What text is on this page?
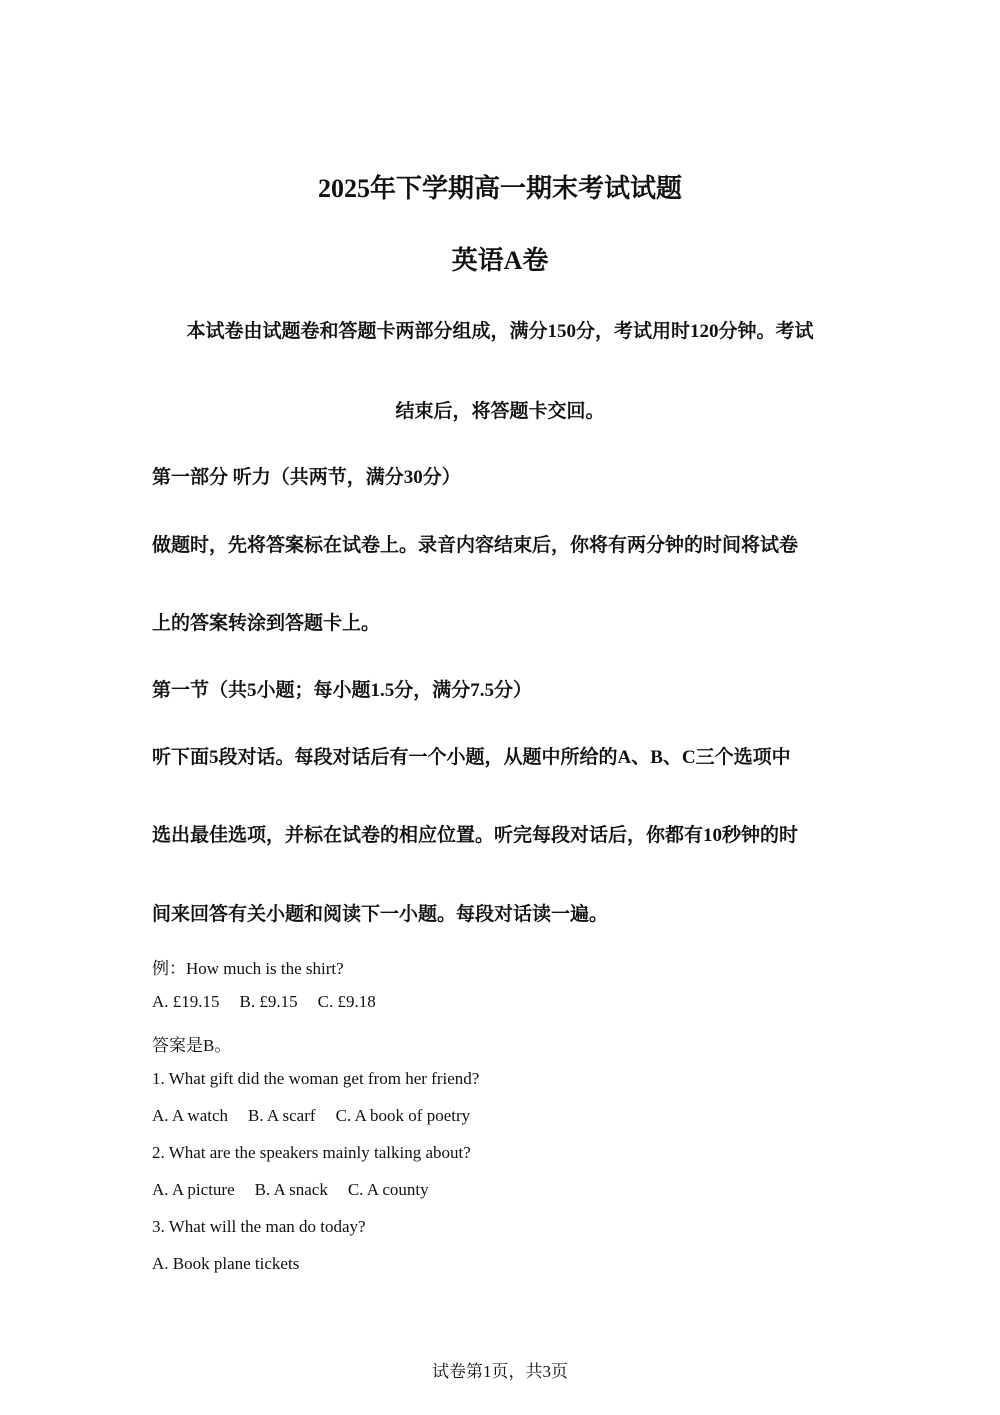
2025年下学期高一期末考试试题
英语A卷
本试卷由试题卷和答题卡两部分组成，满分150分，考试用时120分钟。考试
结束后，将答题卡交回。
第一部分 听力（共两节，满分30分）
做题时，先将答案标在试卷上。录音内容结束后，你将有两分钟的时间将试卷
上的答案转涂到答题卡上。
第一节（共5小题；每小题1.5分，满分7.5分）
听下面5段对话。每段对话后有一个小题，从题中所给的A、B、C三个选项中
选出最佳选项，并标在试卷的相应位置。听完每段对话后，你都有10秒钟的时
间来回答有关小题和阅读下一小题。每段对话读一遍。
例：How much is the shirt?
A. £19.15 B. £9.15 C. £9.18
答案是B。
1. What gift did the woman get from her friend?
A. A watch B. A scarf C. A book of poetry
2. What are the speakers mainly talking about?
A. A picture B. A snack C. A county
3. What will the man do today?
A. Book plane tickets
试卷第1页，共3页
